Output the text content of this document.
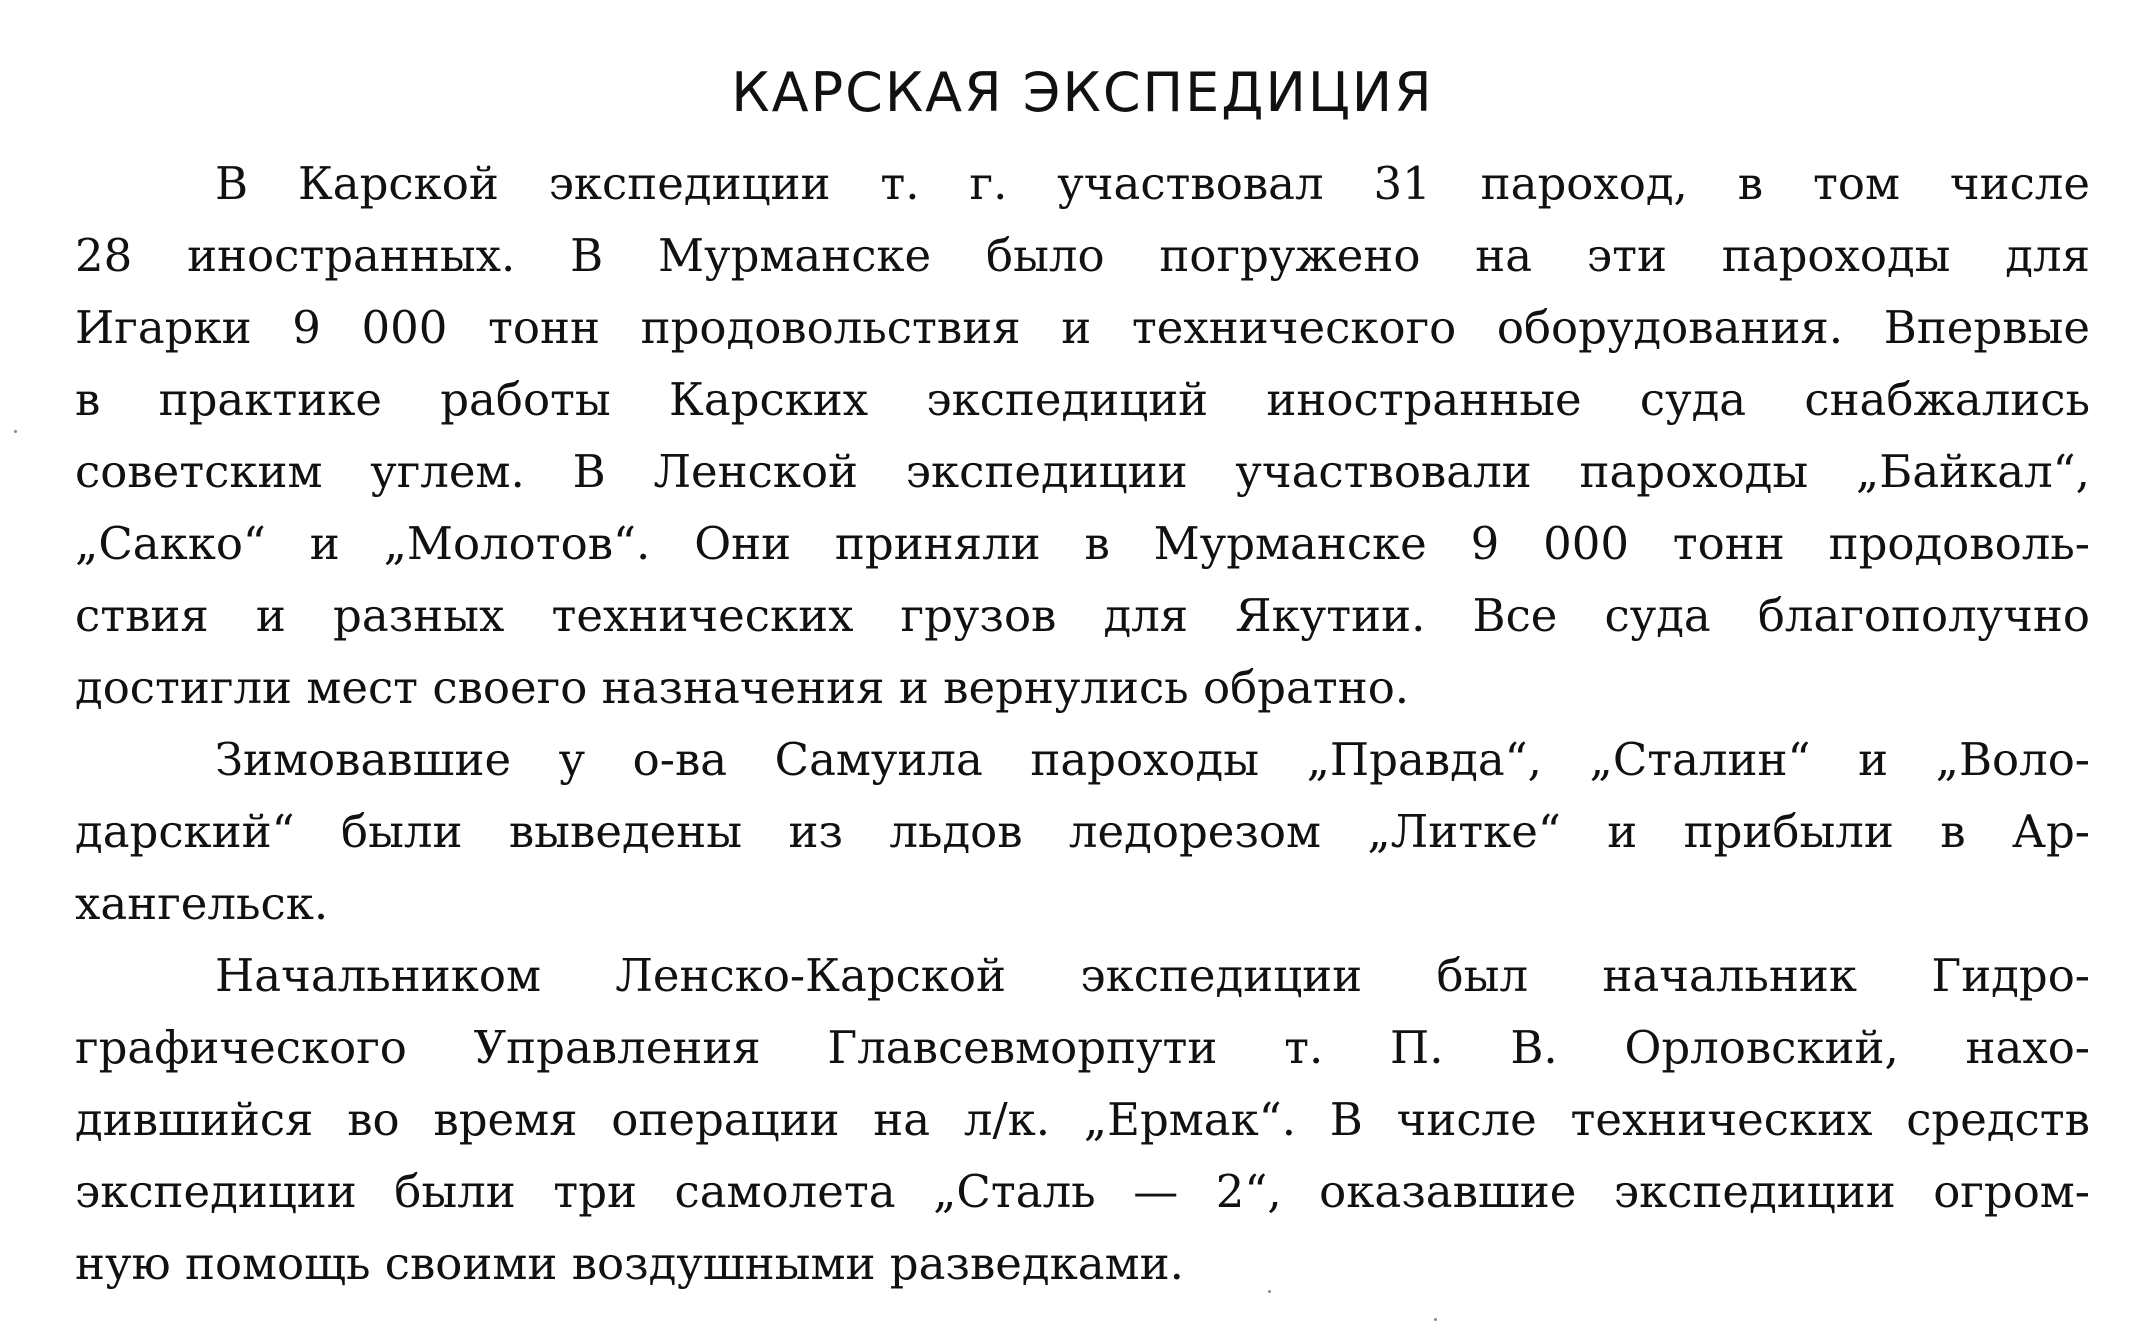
КАРСКАЯ ЭКСПЕДИЦИЯ
В Карской экспедиции т. г. участвовал 31 пароход, в том числе
28 иностранных. В Мурманске было погружено на эти пароходы для
Игарки 9 000 тонн продовольствия и технического оборудования. Впервые
в практике работы Карских экспедиций иностранные суда снабжались
советским углем. В Ленской экспедиции участвовали пароходы „Байкал“,
„Сакко“ и „Молотов“. Они приняли в Мурманске 9 000 тонн продоволь-
ствия и разных технических грузов для Якутии. Все суда благополучно
достигли мест своего назначения и вернулись обратно.
Зимовавшие у о-ва Самуила пароходы „Правда“, „Сталин“ и „Воло-
дарский“ были выведены из льдов ледорезом „Литке“ и прибыли в Ар-
хангельск.
Начальником Ленско-Карской экспедиции был начальник Гидро-
графического Управления Главсевморпути т. П. В. Орловский, нахо-
дившийся во время операции на л/к. „Ермак“. В числе технических средств
экспедиции были три самолета „Сталь — 2“, оказавшие экспедиции огром-
ную помощь своими воздушными разведками.
